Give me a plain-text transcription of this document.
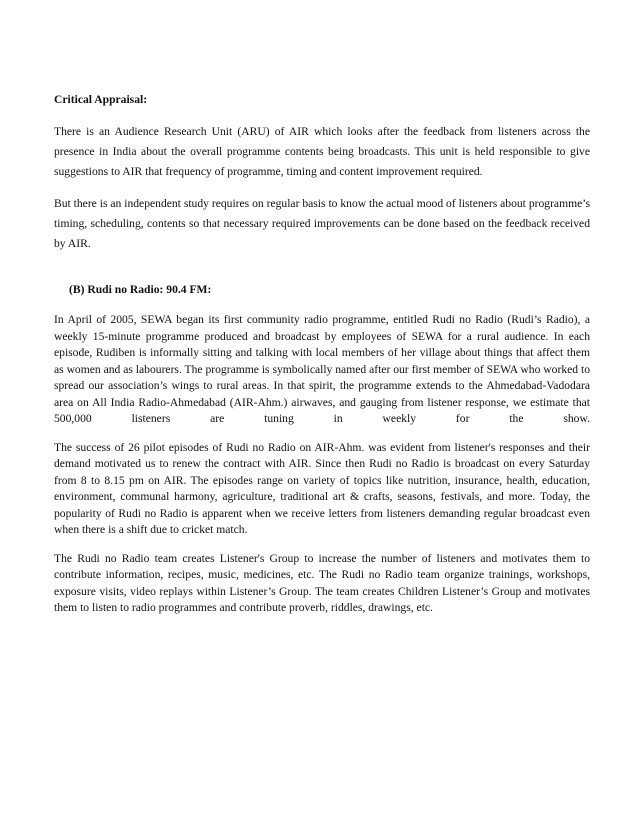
Critical Appraisal:

There is an Audience Research Unit (ARU) of AIR which looks after the feedback from listeners across the presence in India about the overall programme contents being broadcasts. This unit is held responsible to give suggestions to AIR that frequency of programme, timing and content improvement required.

But there is an independent study requires on regular basis to know the actual mood of listeners about programme’s timing, scheduling, contents so that necessary required improvements can be done based on the feedback received by AIR.

(B) Rudi no Radio: 90.4 FM:

In April of 2005, SEWA began its first community radio programme, entitled Rudi no Radio (Rudi’s Radio), a weekly 15-minute programme produced and broadcast by employees of SEWA for a rural audience. In each episode, Rudiben is informally sitting and talking with local members of her village about things that affect them as women and as labourers. The programme is symbolically named after our first member of SEWA who worked to spread our association’s wings to rural areas. In that spirit, the programme extends to the Ahmedabad-Vadodara area on All India Radio-Ahmedabad (AIR-Ahm.) airwaves, and gauging from listener response, we estimate that 500,000 listeners are tuning in weekly for the show.

The success of 26 pilot episodes of Rudi no Radio on AIR-Ahm. was evident from listener's responses and their demand motivated us to renew the contract with AIR. Since then Rudi no Radio is broadcast on every Saturday from 8 to 8.15 pm on AIR. The episodes range on variety of topics like nutrition, insurance, health, education, environment, communal harmony, agriculture, traditional art & crafts, seasons, festivals, and more. Today, the popularity of Rudi no Radio is apparent when we receive letters from listeners demanding regular broadcast even when there is a shift due to cricket match.

The Rudi no Radio team creates Listener's Group to increase the number of listeners and motivates them to contribute information, recipes, music, medicines, etc. The Rudi no Radio team organize trainings, workshops, exposure visits, video replays within Listener’s Group. The team creates Children Listener’s Group and motivates them to listen to radio programmes and contribute proverb, riddles, drawings, etc.
